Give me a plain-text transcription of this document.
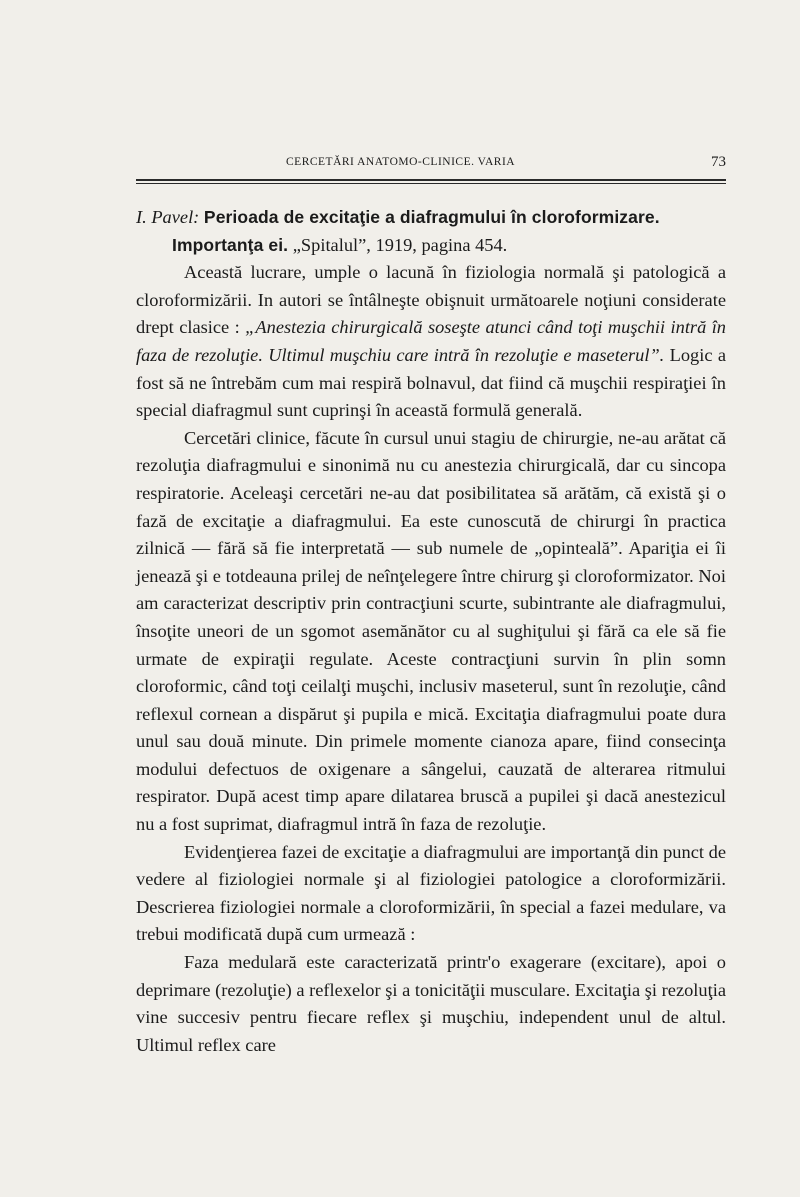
CERCETĂRI ANATOMO-CLINICE. VARIA	73

I. Pavel: Perioada de excitaţie a diafragmului în cloroformizare.

Importanţa ei. „Spitalul”, 1919, pagina 454.

Această lucrare, umple o lacună în fiziologia normală şi patologică a cloroformizării. In autori se întâlneşte obişnuit următoarele noţiuni considerate drept clasice : „Anestezia chirurgicală soseşte atunci când toţi muşchii intră în faza de rezoluţie. Ultimul muşchiu care intră în rezoluţie e maseterul”. Logic a fost să ne întrebăm cum mai respiră bolnavul, dat fiind că muşchii respiraţiei în special diafragmul sunt cuprinşi în această formulă generală.

Cercetări clinice, făcute în cursul unui stagiu de chirurgie, ne-au arătat că rezoluţia diafragmului e sinonimă nu cu anestezia chirurgicală, dar cu sincopa respiratorie. Aceleaşi cercetări ne-au dat posibilitatea să arătăm, că există şi o fază de excitaţie a diafragmului. Ea este cunoscută de chirurgi în practica zilnică — fără să fie interpretată — sub numele de „opinteală”. Apariţia ei îi jenează şi e totdeauna prilej de neînţelegere între chirurg şi cloroformizator. Noi am caracterizat descriptiv prin contracţiuni scurte, subintrante ale diafragmului, însoţite uneori de un sgomot asemănător cu al sughiţului şi fără ca ele să fie urmate de expiraţii regulate. Aceste contracţiuni survin în plin somn cloroformic, când toţi ceilalţi muşchi, inclusiv maseterul, sunt în rezoluţie, când reflexul cornean a dispărut şi pupila e mică. Excitaţia diafragmului poate dura unul sau două minute. Din primele momente cianoza apare, fiind consecinţa modului defectuos de oxigenare a sângelui, cauzată de alterarea ritmului respirator. După acest timp apare dilatarea bruscă a pupilei şi dacă anestezicul nu a fost suprimat, diafragmul intră în faza de rezoluţie.

Evidenţierea fazei de excitaţie a diafragmului are importanţă din punct de vedere al fiziologiei normale şi al fiziologiei patologice a cloroformizării. Descrierea fiziologiei normale a cloroformizării, în special a fazei medulare, va trebui modificată după cum urmează :

Faza medulară este caracterizată printr'o exagerare (excitare), apoi o deprimare (rezoluţie) a reflexelor şi a tonicităţii musculare. Excitaţia şi rezoluţia vine succesiv pentru fiecare reflex şi muşchiu, independent unul de altul. Ultimul reflex care
